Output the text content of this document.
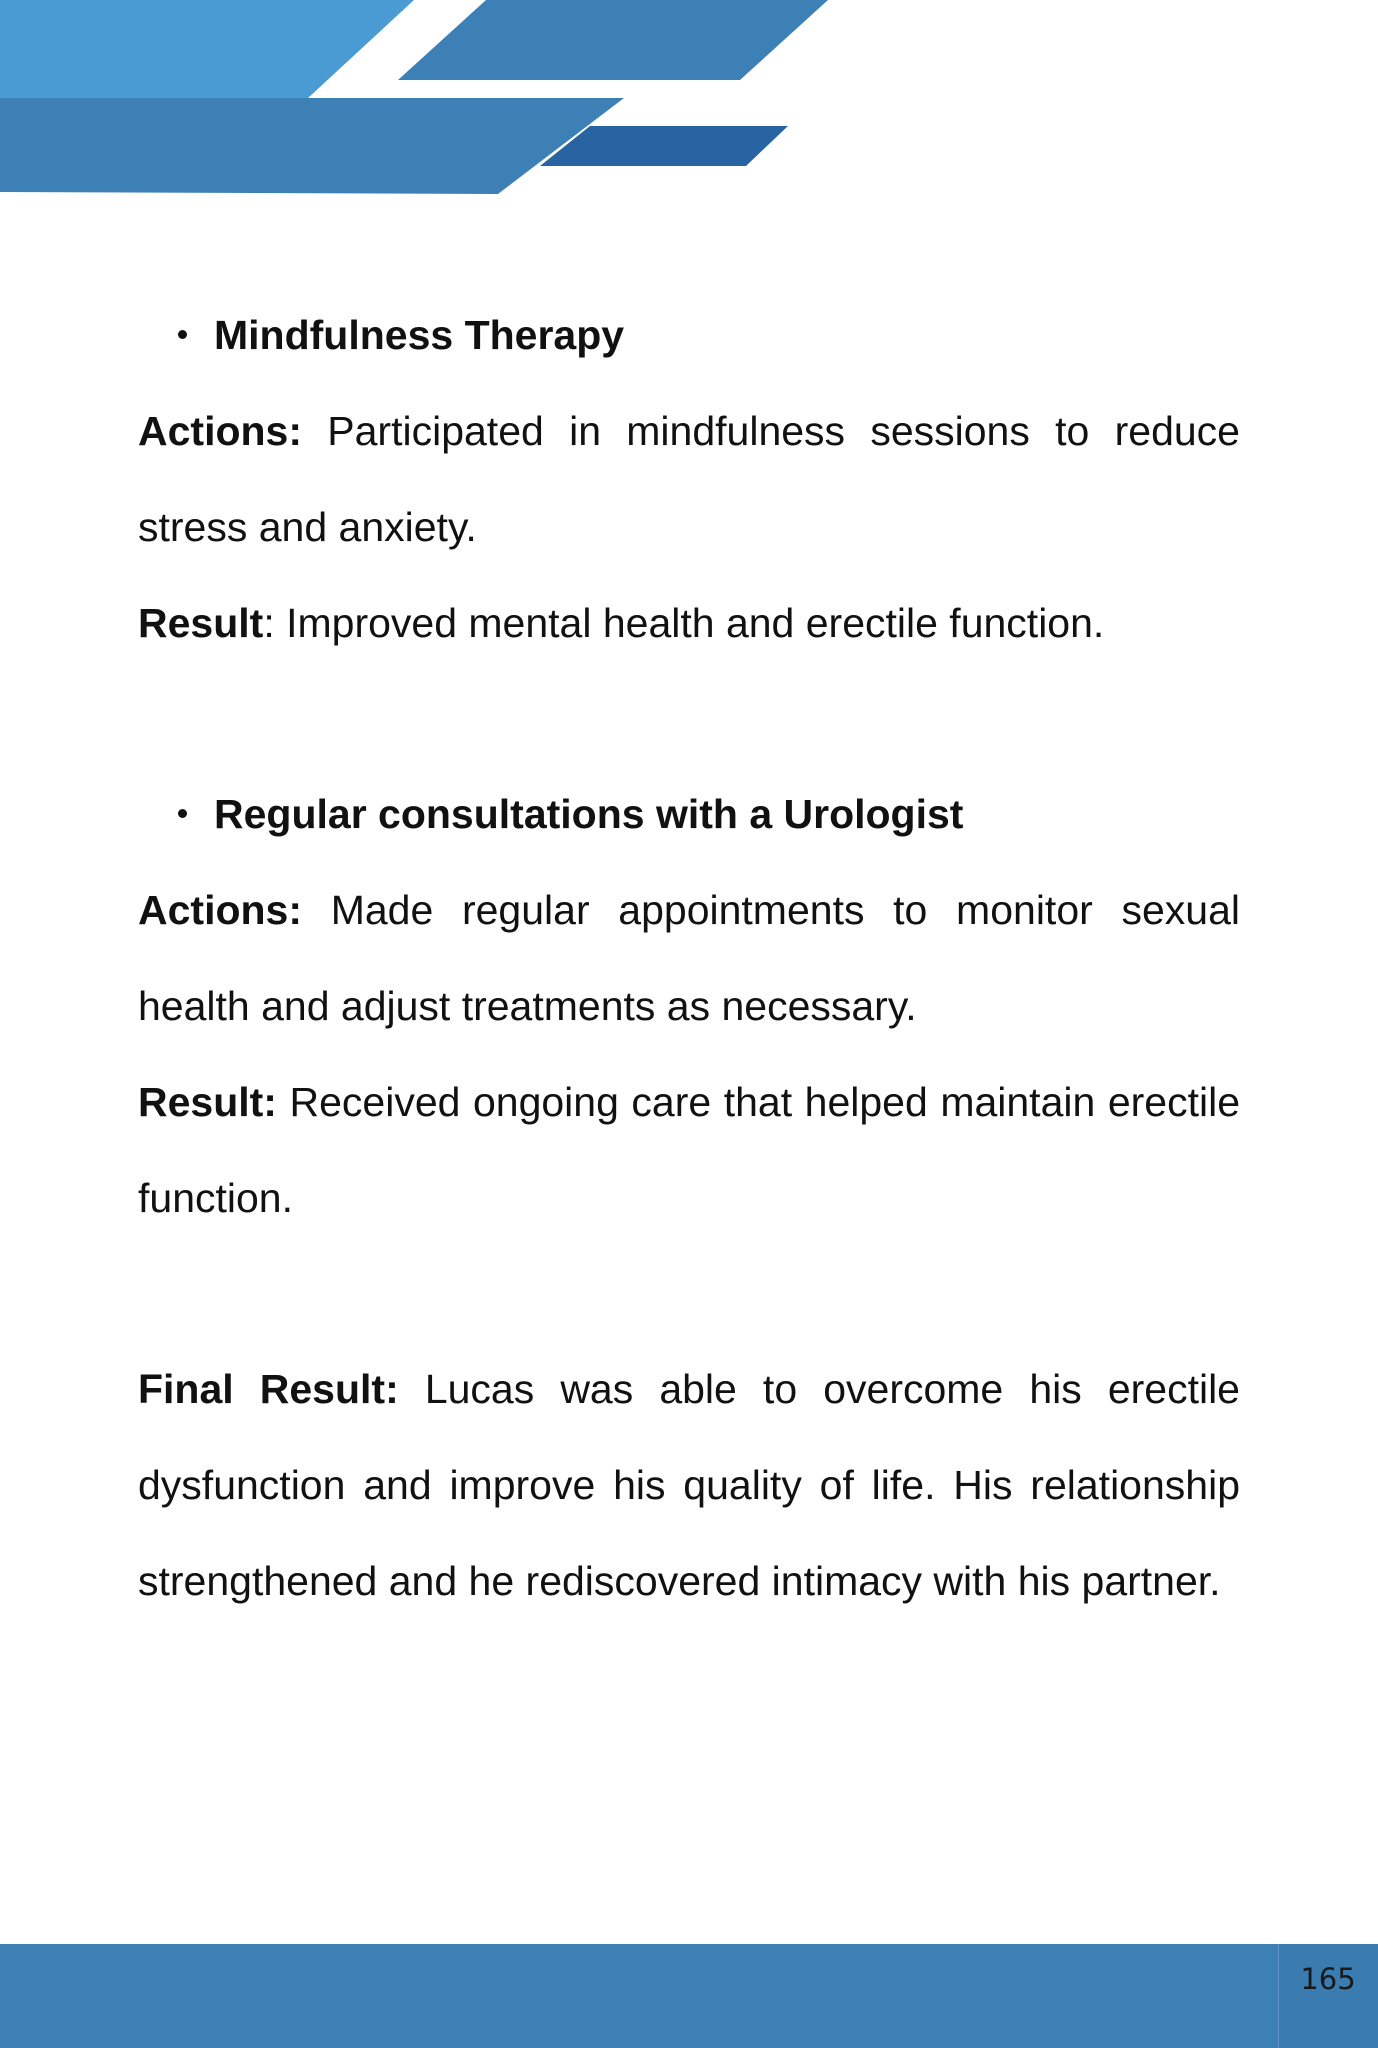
Mindfulness Therapy

Actions: Participated in mindfulness sessions to reduce stress and anxiety.

Result: Improved mental health and erectile function.

Regular consultations with a Urologist

Actions: Made regular appointments to monitor sexual health and adjust treatments as necessary.

Result: Received ongoing care that helped maintain erectile function.

Final Result: Lucas was able to overcome his erectile dysfunction and improve his quality of life. His relationship strengthened and he rediscovered intimacy with his partner.

165
